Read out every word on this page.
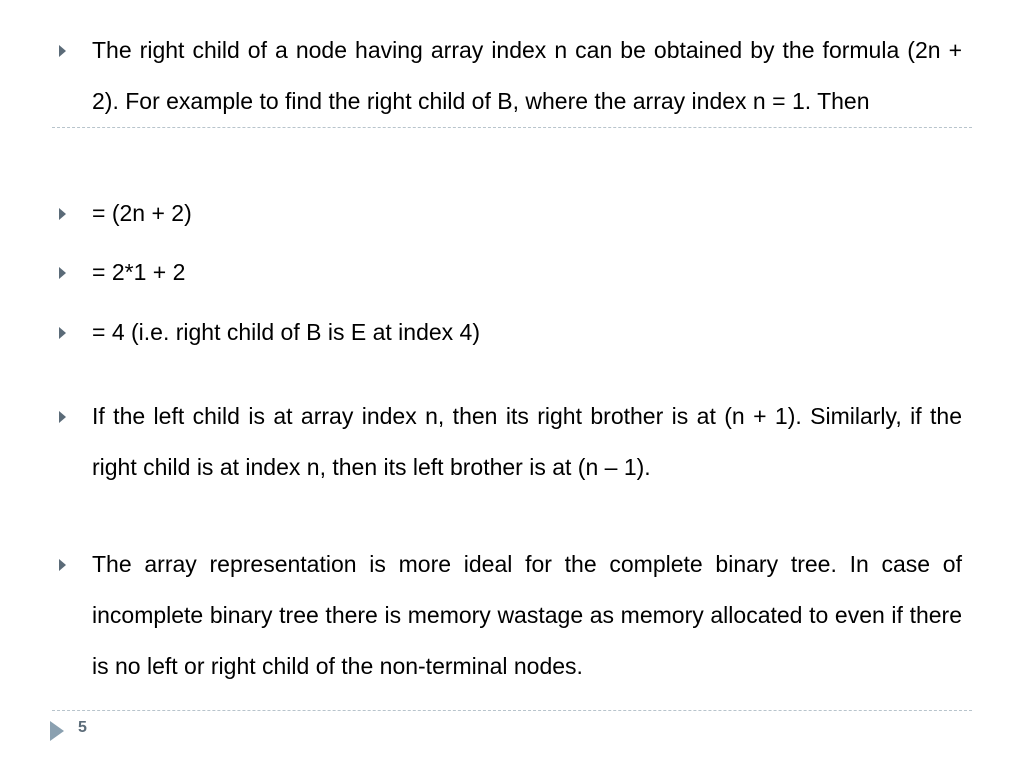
The right child of a node having array index n can be obtained by the formula (2n + 2). For example to find the right child of B, where the array index n = 1. Then
= (2n + 2)
= 2*1 + 2
= 4 (i.e. right child of B is E at index 4)
If the left child is at array index n, then its right brother is at (n + 1). Similarly, if the right child is at index n, then its left brother is at (n – 1).
The array representation is more ideal for the complete binary tree. In case of incomplete binary tree there is memory wastage as memory allocated to even if there is no left or right child of the non-terminal nodes.
5
